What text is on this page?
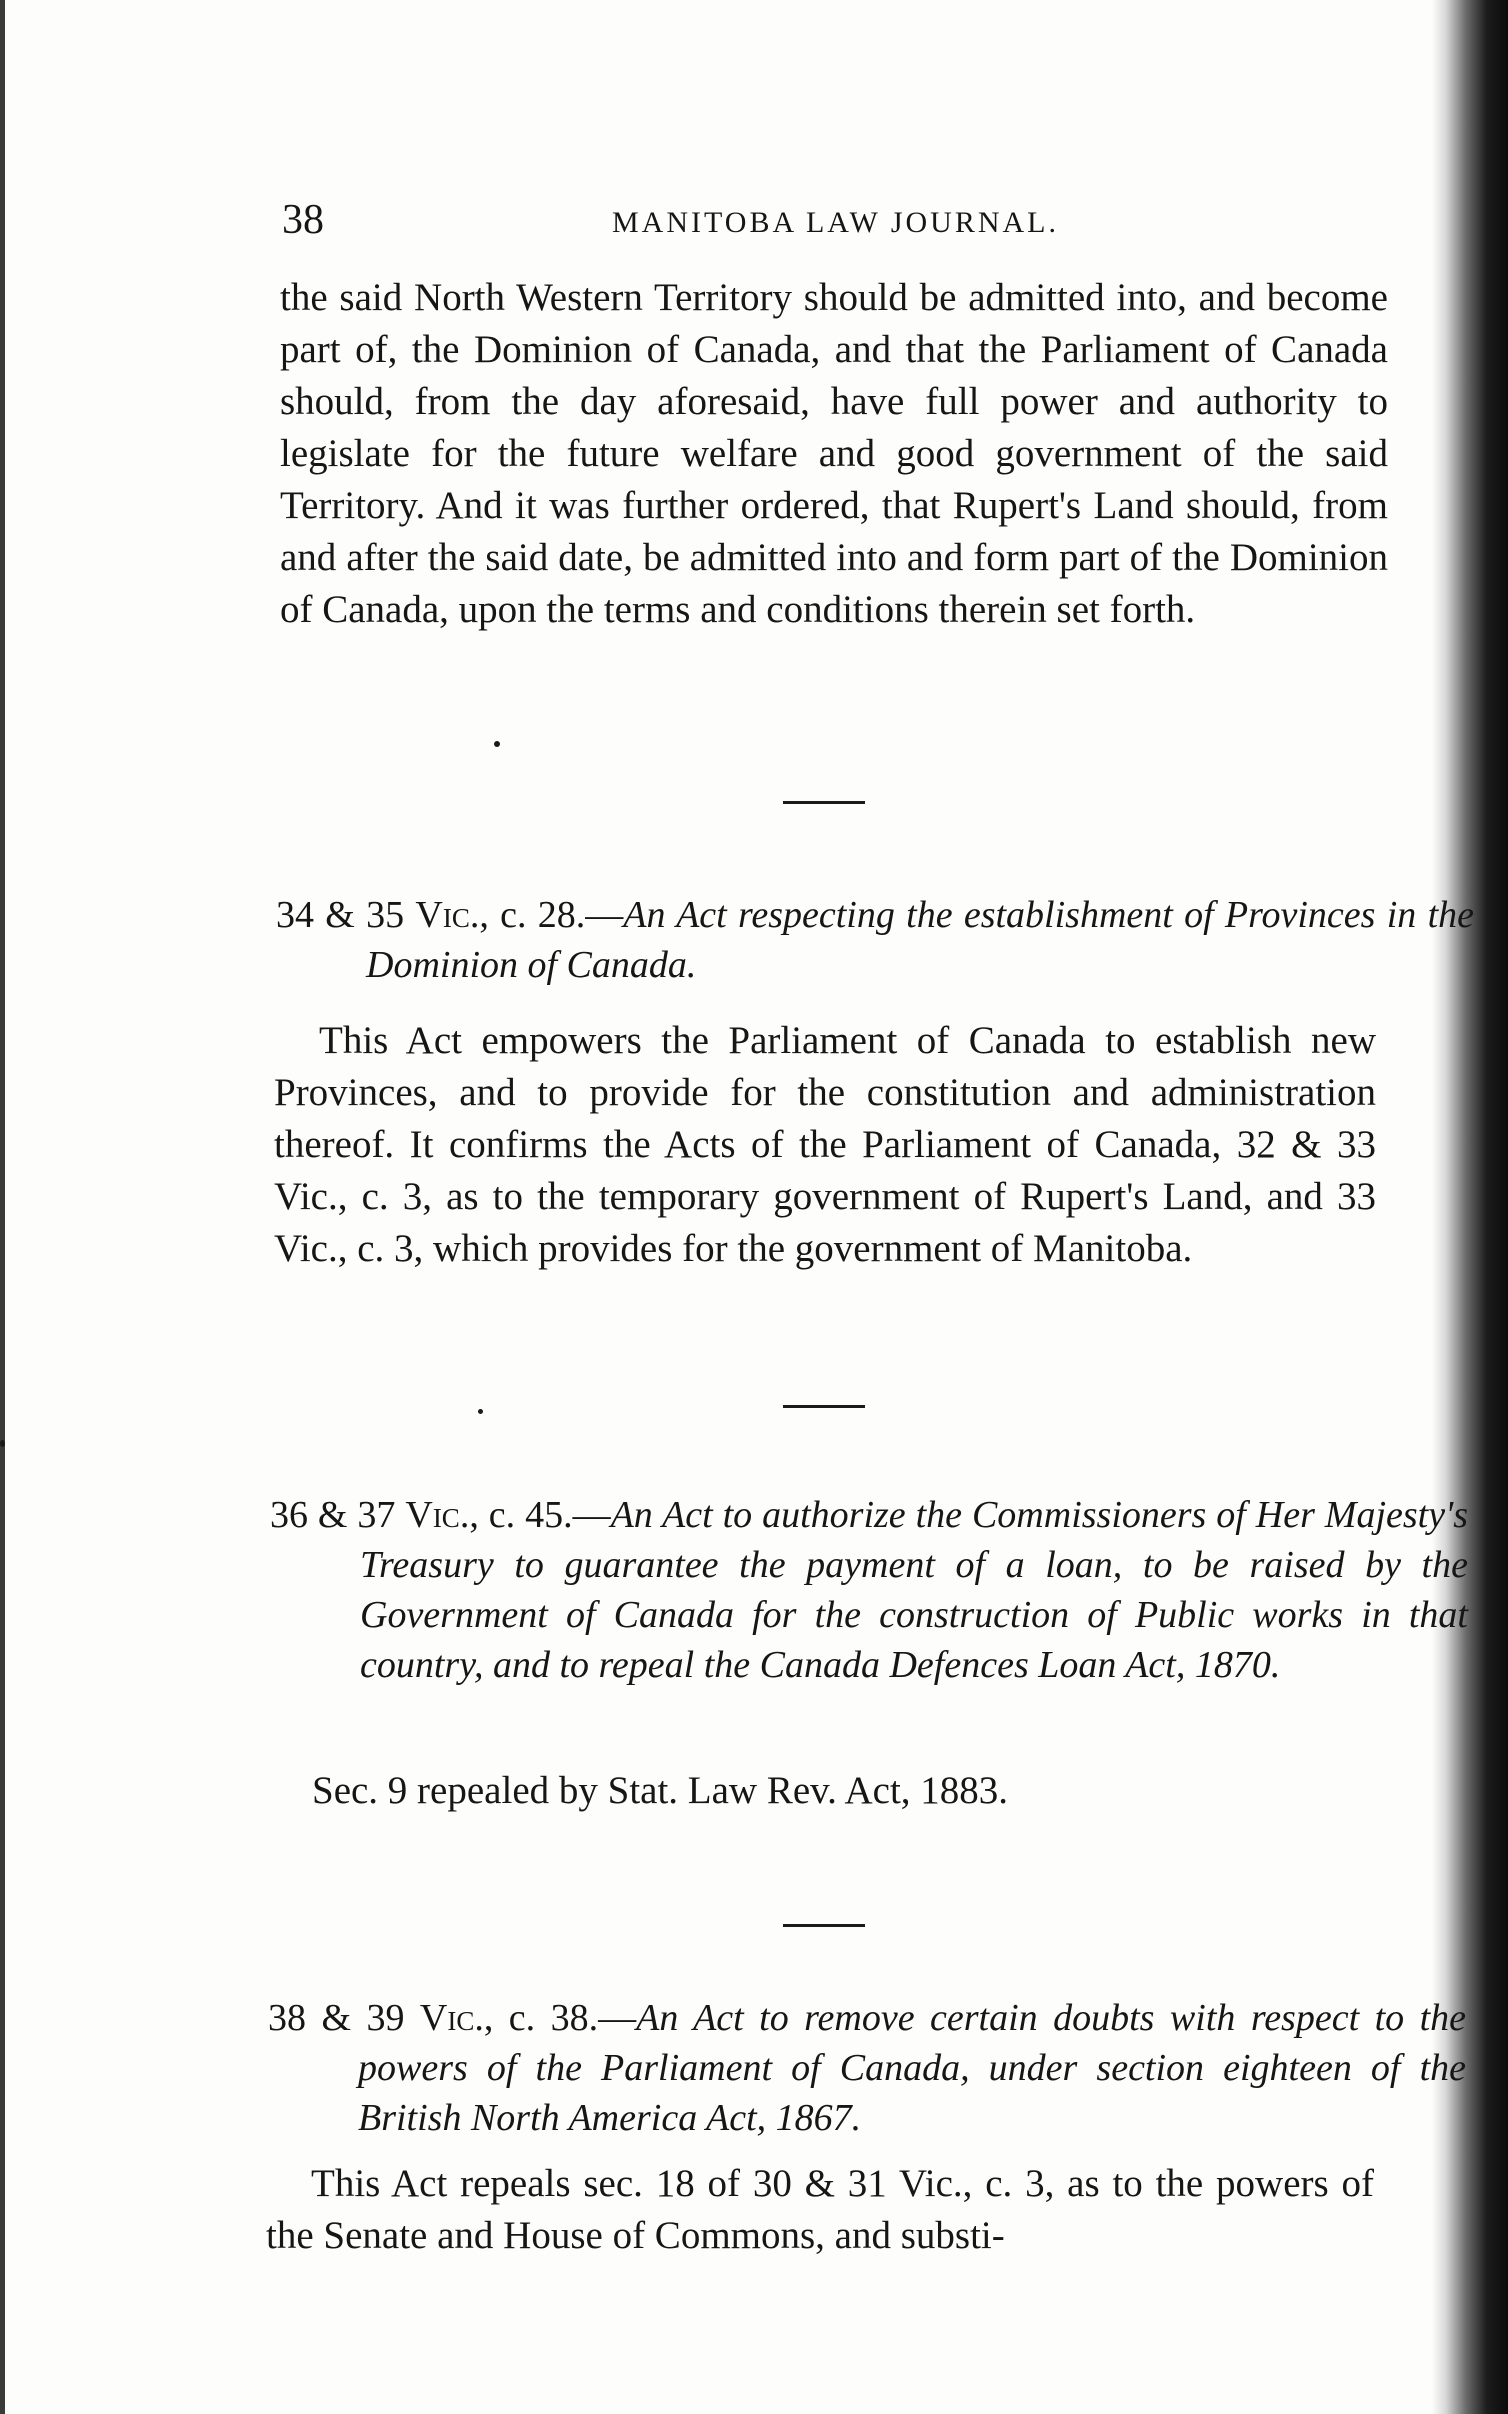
38	MANITOBA LAW JOURNAL.

the said North Western Territory should be admitted into, and become part of, the Dominion of Canada, and that the Parliament of Canada should, from the day aforesaid, have full power and authority to legislate for the future welfare and good government of the said Territory. And it was further ordered, that Rupert's Land should, from and after the said date, be admitted into and form part of the Dominion of Canada, upon the terms and conditions therein set forth.

34 & 35 Vic., c. 28.—An Act respecting the establishment of Provinces in the Dominion of Canada.

This Act empowers the Parliament of Canada to establish new Provinces, and to provide for the constitution and administration thereof. It confirms the Acts of the Parliament of Canada, 32 & 33 Vic., c. 3, as to the temporary government of Rupert's Land, and 33 Vic., c. 3, which provides for the government of Manitoba.

36 & 37 Vic., c. 45.—An Act to authorize the Commissioners of Her Majesty's Treasury to guarantee the payment of a loan, to be raised by the Government of Canada for the construction of Public works in that country, and to repeal the Canada Defences Loan Act, 1870.

Sec. 9 repealed by Stat. Law Rev. Act, 1883.

38 & 39 Vic., c. 38.—An Act to remove certain doubts with respect to the powers of the Parliament of Canada, under section eighteen of the British North America Act, 1867.

This Act repeals sec. 18 of 30 & 31 Vic., c. 3, as to the powers of the Senate and House of Commons, and substi-
